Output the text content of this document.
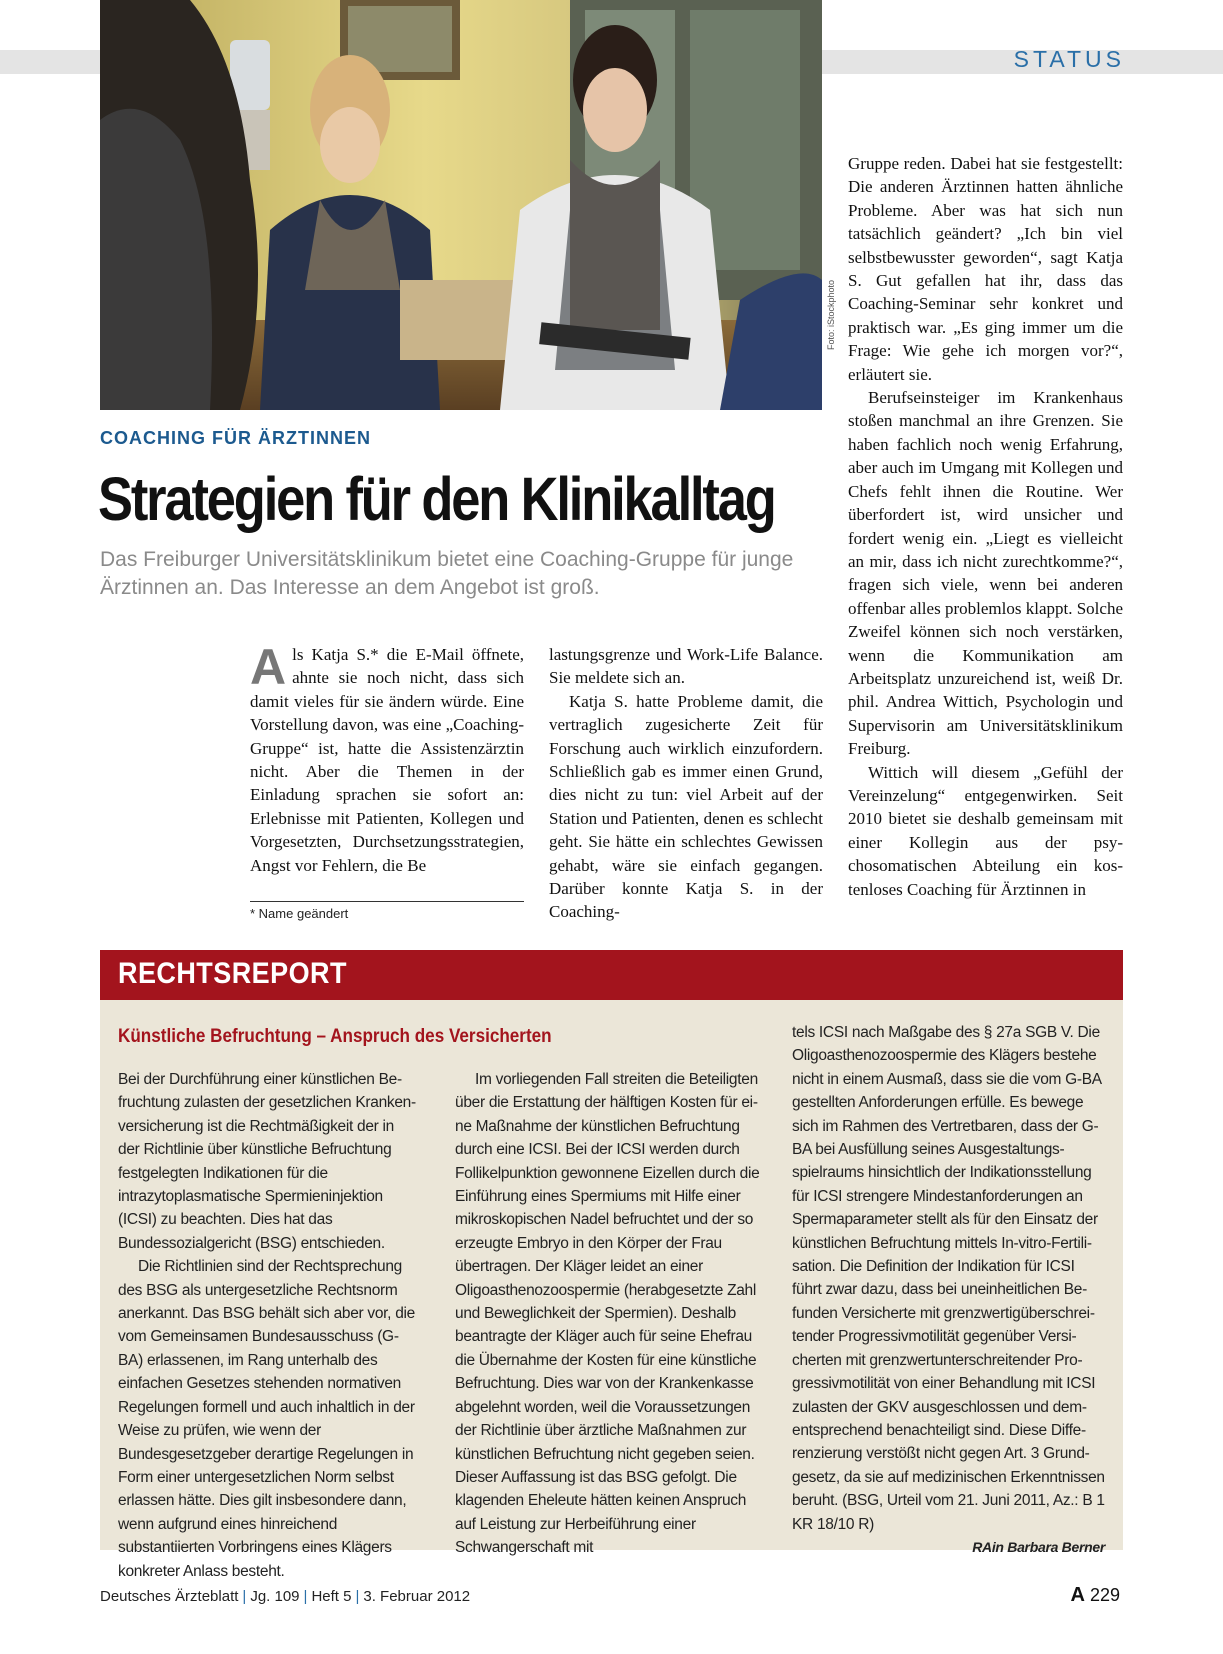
STATUS
Foto: iStockphoto
COACHING FÜR ÄRZTINNEN
Strategien für den Klinikalltag
Das Freiburger Universitätsklinikum bietet eine Coaching-Gruppe für junge Ärztinnen an. Das Interesse an dem Angebot ist groß.
A ls Katja S.* die E-Mail öffnete, ahnte sie noch nicht, dass sich damit vieles für sie ändern würde. Eine Vorstellung davon, was eine „Coaching-Gruppe“ ist, hatte die Assistenzärztin nicht. Aber die Themen in der Einladung sprachen sie sofort an: Erlebnisse mit Patienten, Kollegen und Vorgesetzten, Durchsetzungsstrategien, Angst vor Fehlern, die Be

* Name geändert

lastungsgrenze und Work-Life Balance. Sie meldete sich an.

Katja S. hatte Probleme damit, die vertraglich zugesicherte Zeit für Forschung auch wirklich einzufordern. Schließlich gab es immer einen Grund, dies nicht zu tun: viel Arbeit auf der Station und Patienten, denen es schlecht geht. Sie hätte ein schlechtes Gewissen gehabt, wäre sie einfach gegangen. Darüber konnte Katja S. in der Coaching-

Gruppe reden. Dabei hat sie festgestellt: Die anderen Ärztinnen hatten ähnliche Probleme. Aber was hat sich nun tatsächlich geändert? „Ich bin viel selbstbewusster geworden“, sagt Katja S. Gut gefallen hat ihr, dass das Coaching-Seminar sehr konkret und praktisch war. „Es ging immer um die Frage: Wie gehe ich morgen vor?“, erläutert sie.

Berufseinsteiger im Krankenhaus stoßen manchmal an ihre Grenzen. Sie haben fachlich noch wenig Erfahrung, aber auch im Umgang mit Kollegen und Chefs fehlt ihnen die Routine. Wer überfordert ist, wird unsicher und fordert wenig ein. „Liegt es vielleicht an mir, dass ich nicht zurechtkomme?“, fragen sich viele, wenn bei anderen offenbar alles problemlos klappt. Solche Zweifel können sich noch verstärken, wenn die Kommunikation am Arbeitsplatz unzureichend ist, weiß Dr. phil. Andrea Wittich, Psychologin und Supervisorin am Universitätsklinikum Freiburg.

Wittich will diesem „Gefühl der Vereinzelung“ entgegenwirken. Seit 2010 bietet sie deshalb gemeinsam mit einer Kollegin aus der psychosomatischen Abteilung ein kostenloses Coaching für Ärztinnen in

RECHTSREPORT
Künstliche Befruchtung – Anspruch des Versicherten

Bei der Durchführung einer künstlichen Befruchtung zulasten der gesetzlichen Krankenversicherung ist die Rechtmäßigkeit der in der Richtlinie über künstliche Befruchtung festgelegten Indikationen für die intrazytoplasmatische Spermieninjektion (ICSI) zu beachten. Dies hat das Bundessozialgericht (BSG) entschieden.

Die Richtlinien sind der Rechtsprechung des BSG als untergesetzliche Rechtsnorm anerkannt. Das BSG behält sich aber vor, die vom Gemeinsamen Bundesausschuss (G-BA) erlassenen, im Rang unterhalb des einfachen Gesetzes stehenden normativen Regelungen formell und auch inhaltlich in der Weise zu prüfen, wie wenn der Bundesgesetzgeber derartige Regelungen in Form einer untergesetzlichen Norm selbst erlassen hätte. Dies gilt insbesondere dann, wenn aufgrund eines hinreichend substantiierten Vorbringens eines Klägers konkreter Anlass besteht.

Im vorliegenden Fall streiten die Beteiligten über die Erstattung der hälftigen Kosten für eine Maßnahme der künstlichen Befruchtung durch eine ICSI. Bei der ICSI werden durch Follikelpunktion gewonnene Eizellen durch die Einführung eines Spermiums mit Hilfe einer mikroskopischen Nadel befruchtet und der so erzeugte Embryo in den Körper der Frau übertragen. Der Kläger leidet an einer Oligoasthenozoospermie (herabgesetzte Zahl und Beweglichkeit der Spermien). Deshalb beantragte der Kläger auch für seine Ehefrau die Übernahme der Kosten für eine künstliche Befruchtung. Dies war von der Krankenkasse abgelehnt worden, weil die Voraussetzungen der Richtlinie über ärztliche Maßnahmen zur künstlichen Befruchtung nicht gegeben seien. Dieser Auffassung ist das BSG gefolgt. Die klagenden Eheleute hätten keinen Anspruch auf Leistung zur Herbeiführung einer Schwangerschaft mit

tels ICSI nach Maßgabe des § 27a SGB V. Die Oligoasthenozoospermie des Klägers bestehe nicht in einem Ausmaß, dass sie die vom G-BA gestellten Anforderungen erfülle. Es bewege sich im Rahmen des Vertretbaren, dass der G-BA bei Ausfüllung seines Ausgestaltungsspielraums hinsichtlich der Indikationsstellung für ICSI strengere Mindestanforderungen an Spermaparameter stellt als für den Einsatz der künstlichen Befruchtung mittels In-vitro-Fertilisation. Die Definition der Indikation für ICSI führt zwar dazu, dass bei uneinheitlichen Befunden Versicherte mit grenzwertigüberschreitender Progressivmotilität gegenüber Versicherten mit grenzwertunterschreitender Progressivmotilität von einer Behandlung mit ICSI zulasten der GKV ausgeschlossen und dementsprechend benachteiligt sind. Diese Differenzierung verstößt nicht gegen Art. 3 Grundgesetz, da sie auf medizinischen Erkenntnissen beruht. (BSG, Urteil vom 21. Juni 2011, Az.: B 1 KR 18/10 R)

RAin Barbara Berner

Deutsches Ärzteblatt | Jg. 109 | Heft 5 | 3. Februar 2012	A 229
